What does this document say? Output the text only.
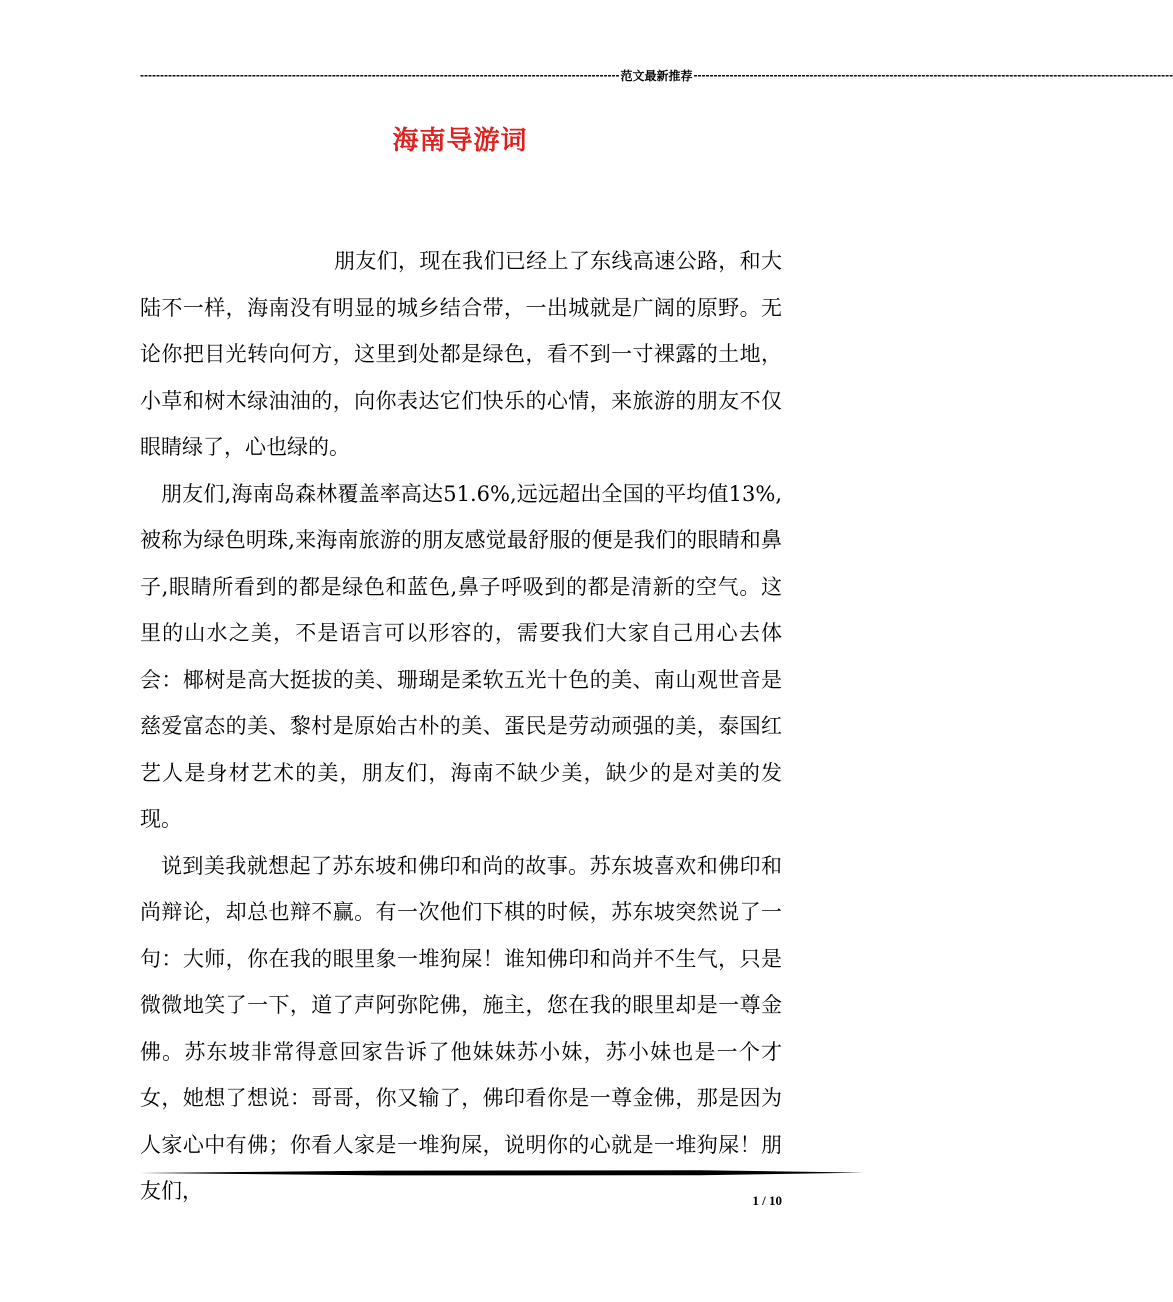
------------------------------------------------------------------------------------------------------------------------ 范文最新推荐 ------------------------------------------------------------------------------------------------------------------------
海南导游词

朋友们，现在我们已经上了东线高速公路，和大陆不一样，海南没有明显的城乡结合带，一出城就是广阔的原野。无论你把目光转向何方，这里到处都是绿色，看不到一寸裸露的土地，小草和树木绿油油的，向你表达它们快乐的心情，来旅游的朋友不仅眼睛绿了，心也绿的。

朋友们,海南岛森林覆盖率高达51.6%,远远超出全国的平均值13%,被称为绿色明珠,来海南旅游的朋友感觉最舒服的便是我们的眼睛和鼻子,眼睛所看到的都是绿色和蓝色,鼻子呼吸到的都是清新的空气。这里的山水之美，不是语言可以形容的，需要我们大家自己用心去体会：椰树是高大挺拔的美、珊瑚是柔软五光十色的美、南山观世音是慈爱富态的美、黎村是原始古朴的美、蛋民是劳动顽强的美，泰国红艺人是身材艺术的美，朋友们，海南不缺少美，缺少的是对美的发现。

说到美我就想起了苏东坡和佛印和尚的故事。苏东坡喜欢和佛印和尚辩论，却总也辩不赢。有一次他们下棋的时候，苏东坡突然说了一句：大师，你在我的眼里象一堆狗屎！谁知佛印和尚并不生气，只是微微地笑了一下，道了声阿弥陀佛，施主，您在我的眼里却是一尊金佛。苏东坡非常得意回家告诉了他妹妹苏小妹，苏小妹也是一个才女，她想了想说：哥哥，你又输了，佛印看你是一尊金佛，那是因为人家心中有佛；你看人家是一堆狗屎，说明你的心就是一堆狗屎！朋友们，	1 / 10
